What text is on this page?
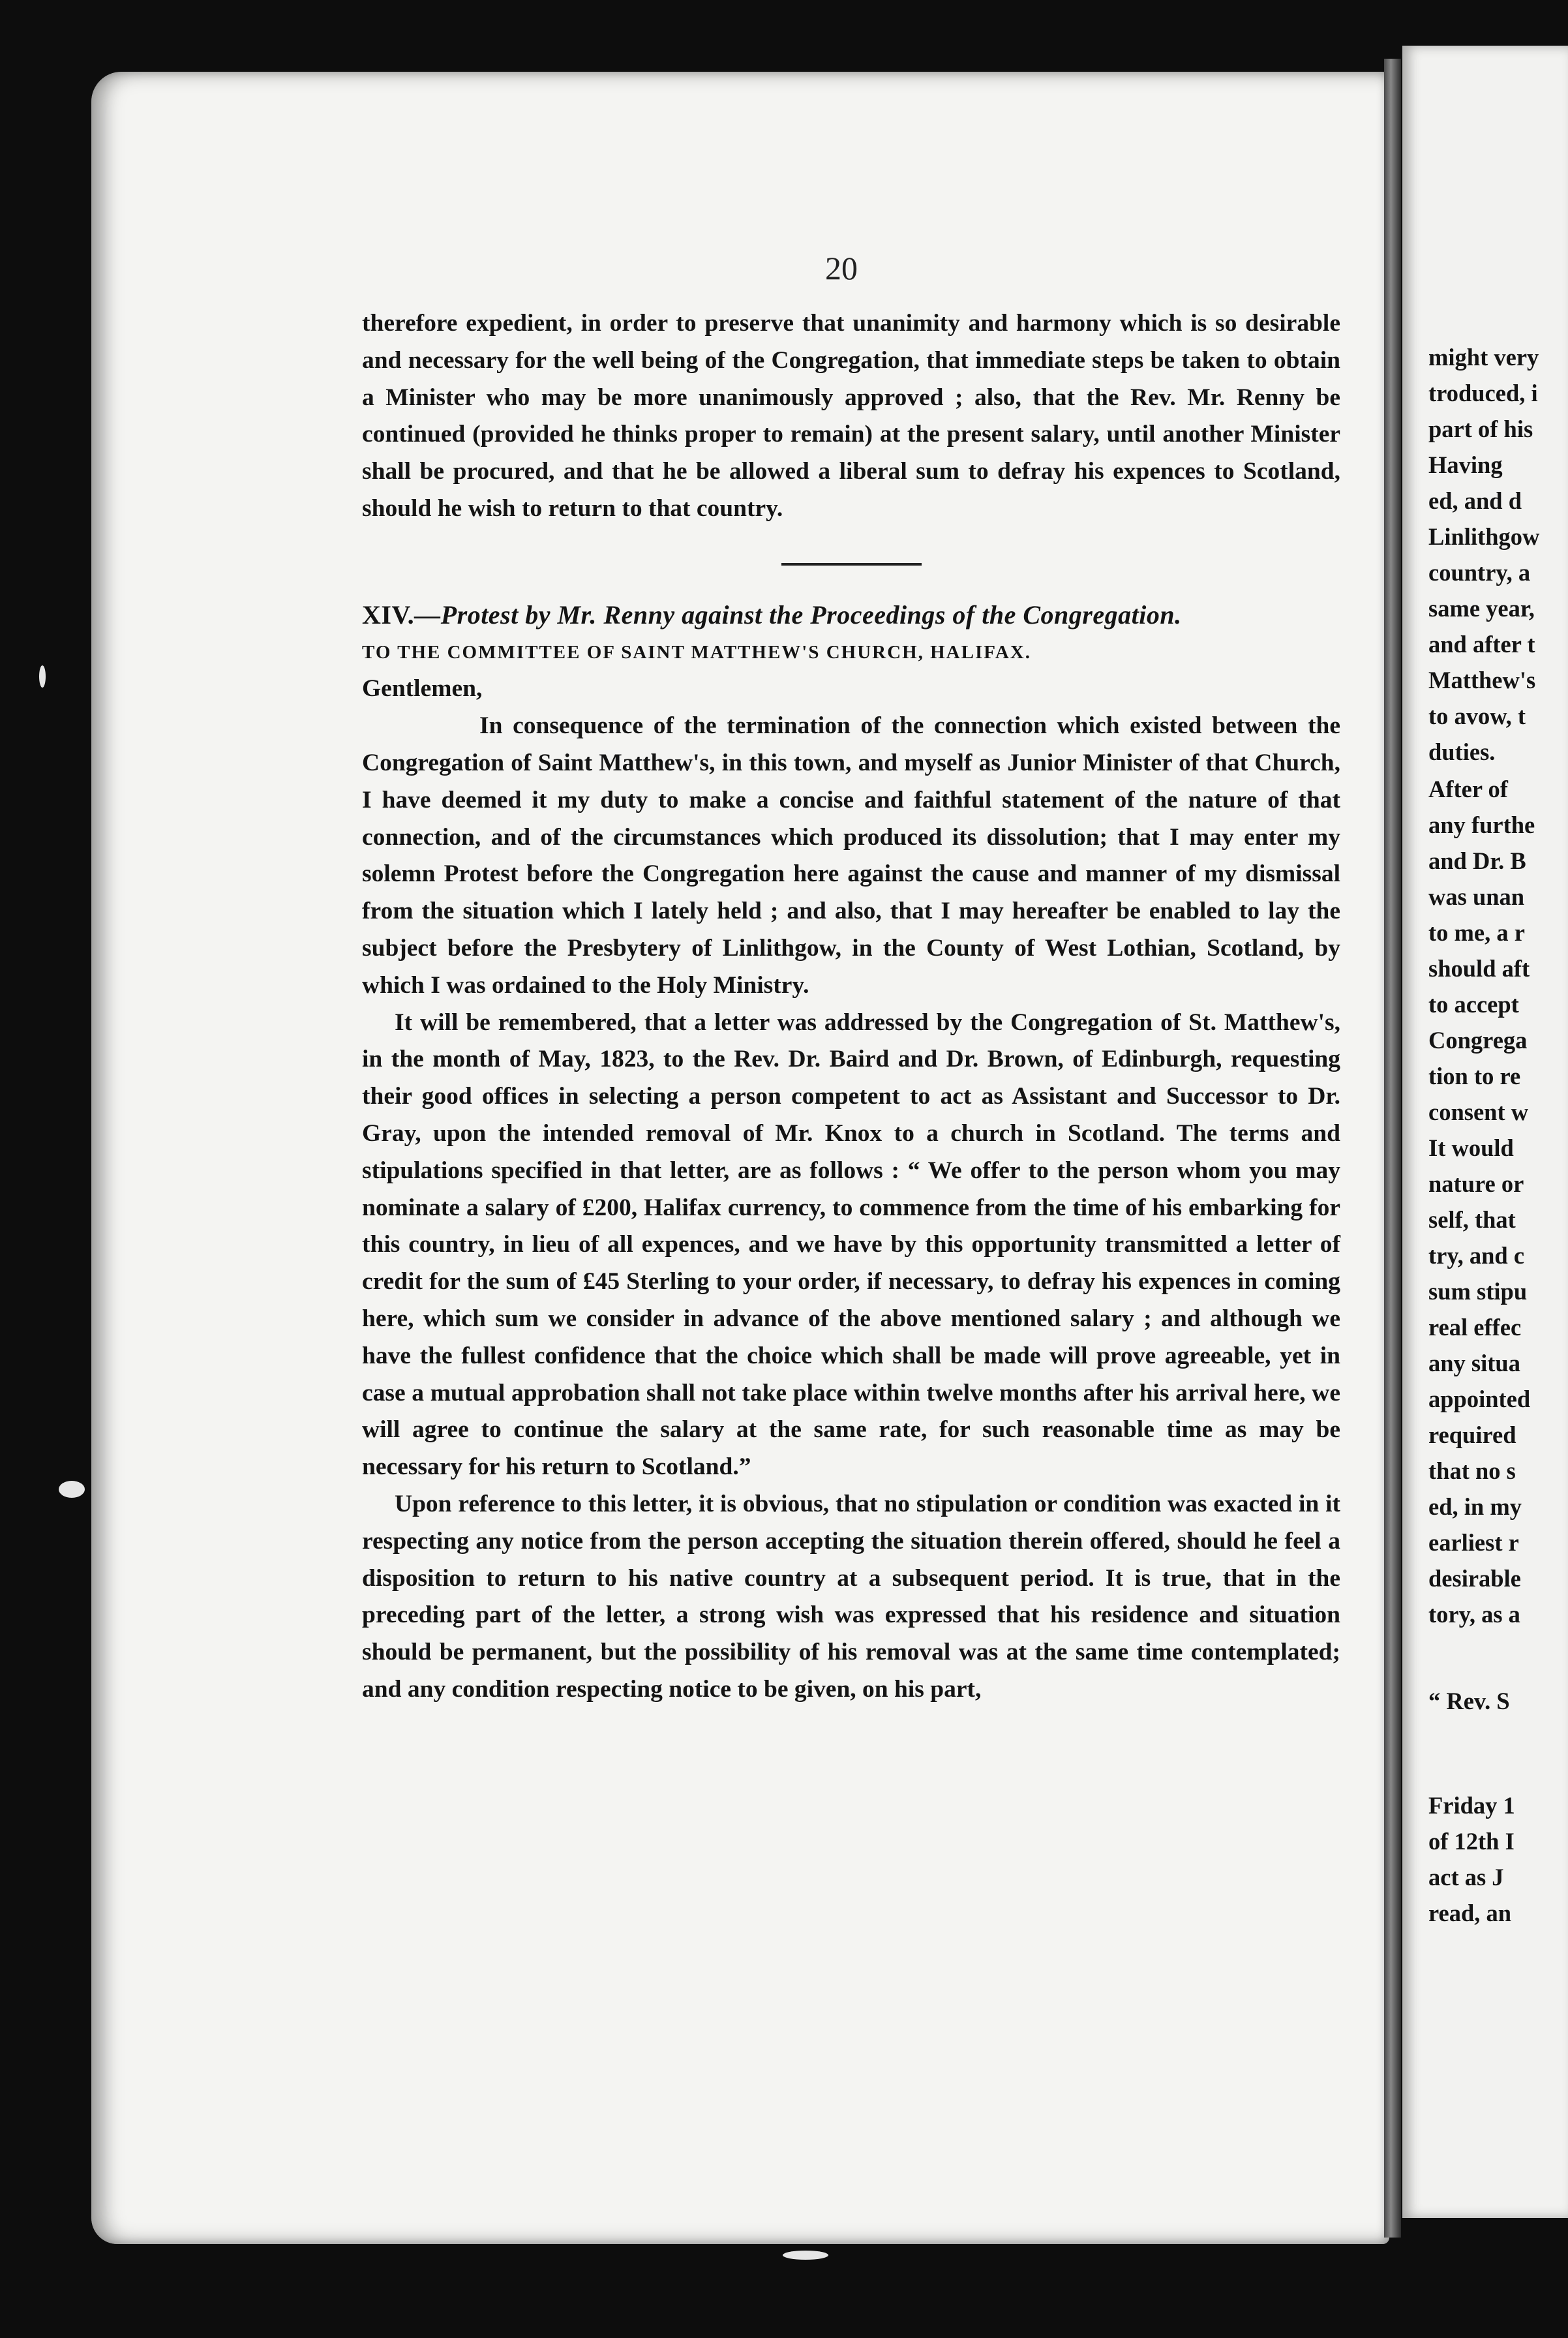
20

therefore expedient, in order to preserve that unanimity and harmony which is so desirable and necessary for the well being of the Congregation, that immediate steps be taken to obtain a Minister who may be more unanimously approved ; also, that the Rev. Mr. Renny be continued (provided he thinks proper to remain) at the present salary, until another Minister shall be procured, and that he be allowed a liberal sum to defray his expences to Scotland, should he wish to return to that country.

XIV.—Protest by Mr. Renny against the Proceedings of the Congregation.

TO THE COMMITTEE OF SAINT MATTHEW'S CHURCH, HALIFAX.

Gentlemen,

In consequence of the termination of the connection which existed between the Congregation of Saint Matthew's, in this town, and myself as Junior Minister of that Church, I have deemed it my duty to make a concise and faithful statement of the nature of that connection, and of the circumstances which produced its dissolution; that I may enter my solemn Protest before the Congregation here against the cause and manner of my dismissal from the situation which I lately held ; and also, that I may hereafter be enabled to lay the subject before the Presbytery of Linlithgow, in the County of West Lothian, Scotland, by which I was ordained to the Holy Ministry.

It will be remembered, that a letter was addressed by the Congregation of St. Matthew's, in the month of May, 1823, to the Rev. Dr. Baird and Dr. Brown, of Edinburgh, requesting their good offices in selecting a person competent to act as Assistant and Successor to Dr. Gray, upon the intended removal of Mr. Knox to a church in Scotland. The terms and stipulations specified in that letter, are as follows : “ We offer to the person whom you may nominate a salary of £200, Halifax currency, to commence from the time of his embarking for this country, in lieu of all expences, and we have by this opportunity transmitted a letter of credit for the sum of £45 Sterling to your order, if necessary, to defray his expences in coming here, which sum we consider in advance of the above mentioned salary ; and although we have the fullest confidence that the choice which shall be made will prove agreeable, yet in case a mutual approbation shall not take place within twelve months after his arrival here, we will agree to continue the salary at the same rate, for such reasonable time as may be necessary for his return to Scotland.”

Upon reference to this letter, it is obvious, that no stipulation or condition was exacted in it respecting any notice from the person accepting the situation therein offered, should he feel a disposition to return to his native country at a subsequent period. It is true, that in the preceding part of the letter, a strong wish was expressed that his residence and situation should be permanent, but the possibility of his removal was at the same time contemplated; and any condition respecting notice to be given, on his part,

might very
troduced, i
part of his
Having
ed, and d
Linlithgow
country, a
same year,
and after t
Matthew's
to avow, t
duties.
After of
any furthe
and Dr. B
was unan
to me, a r
should aft
to accept
Congrega
tion to re
consent w
It would
nature or
self, that
try, and c
sum stipu
real effec
any situa
appointed
required
that no s
ed, in my
earliest r
desirable
tory, as a
“ Rev. S
Friday 1
of 12th I
act as J
read, an
